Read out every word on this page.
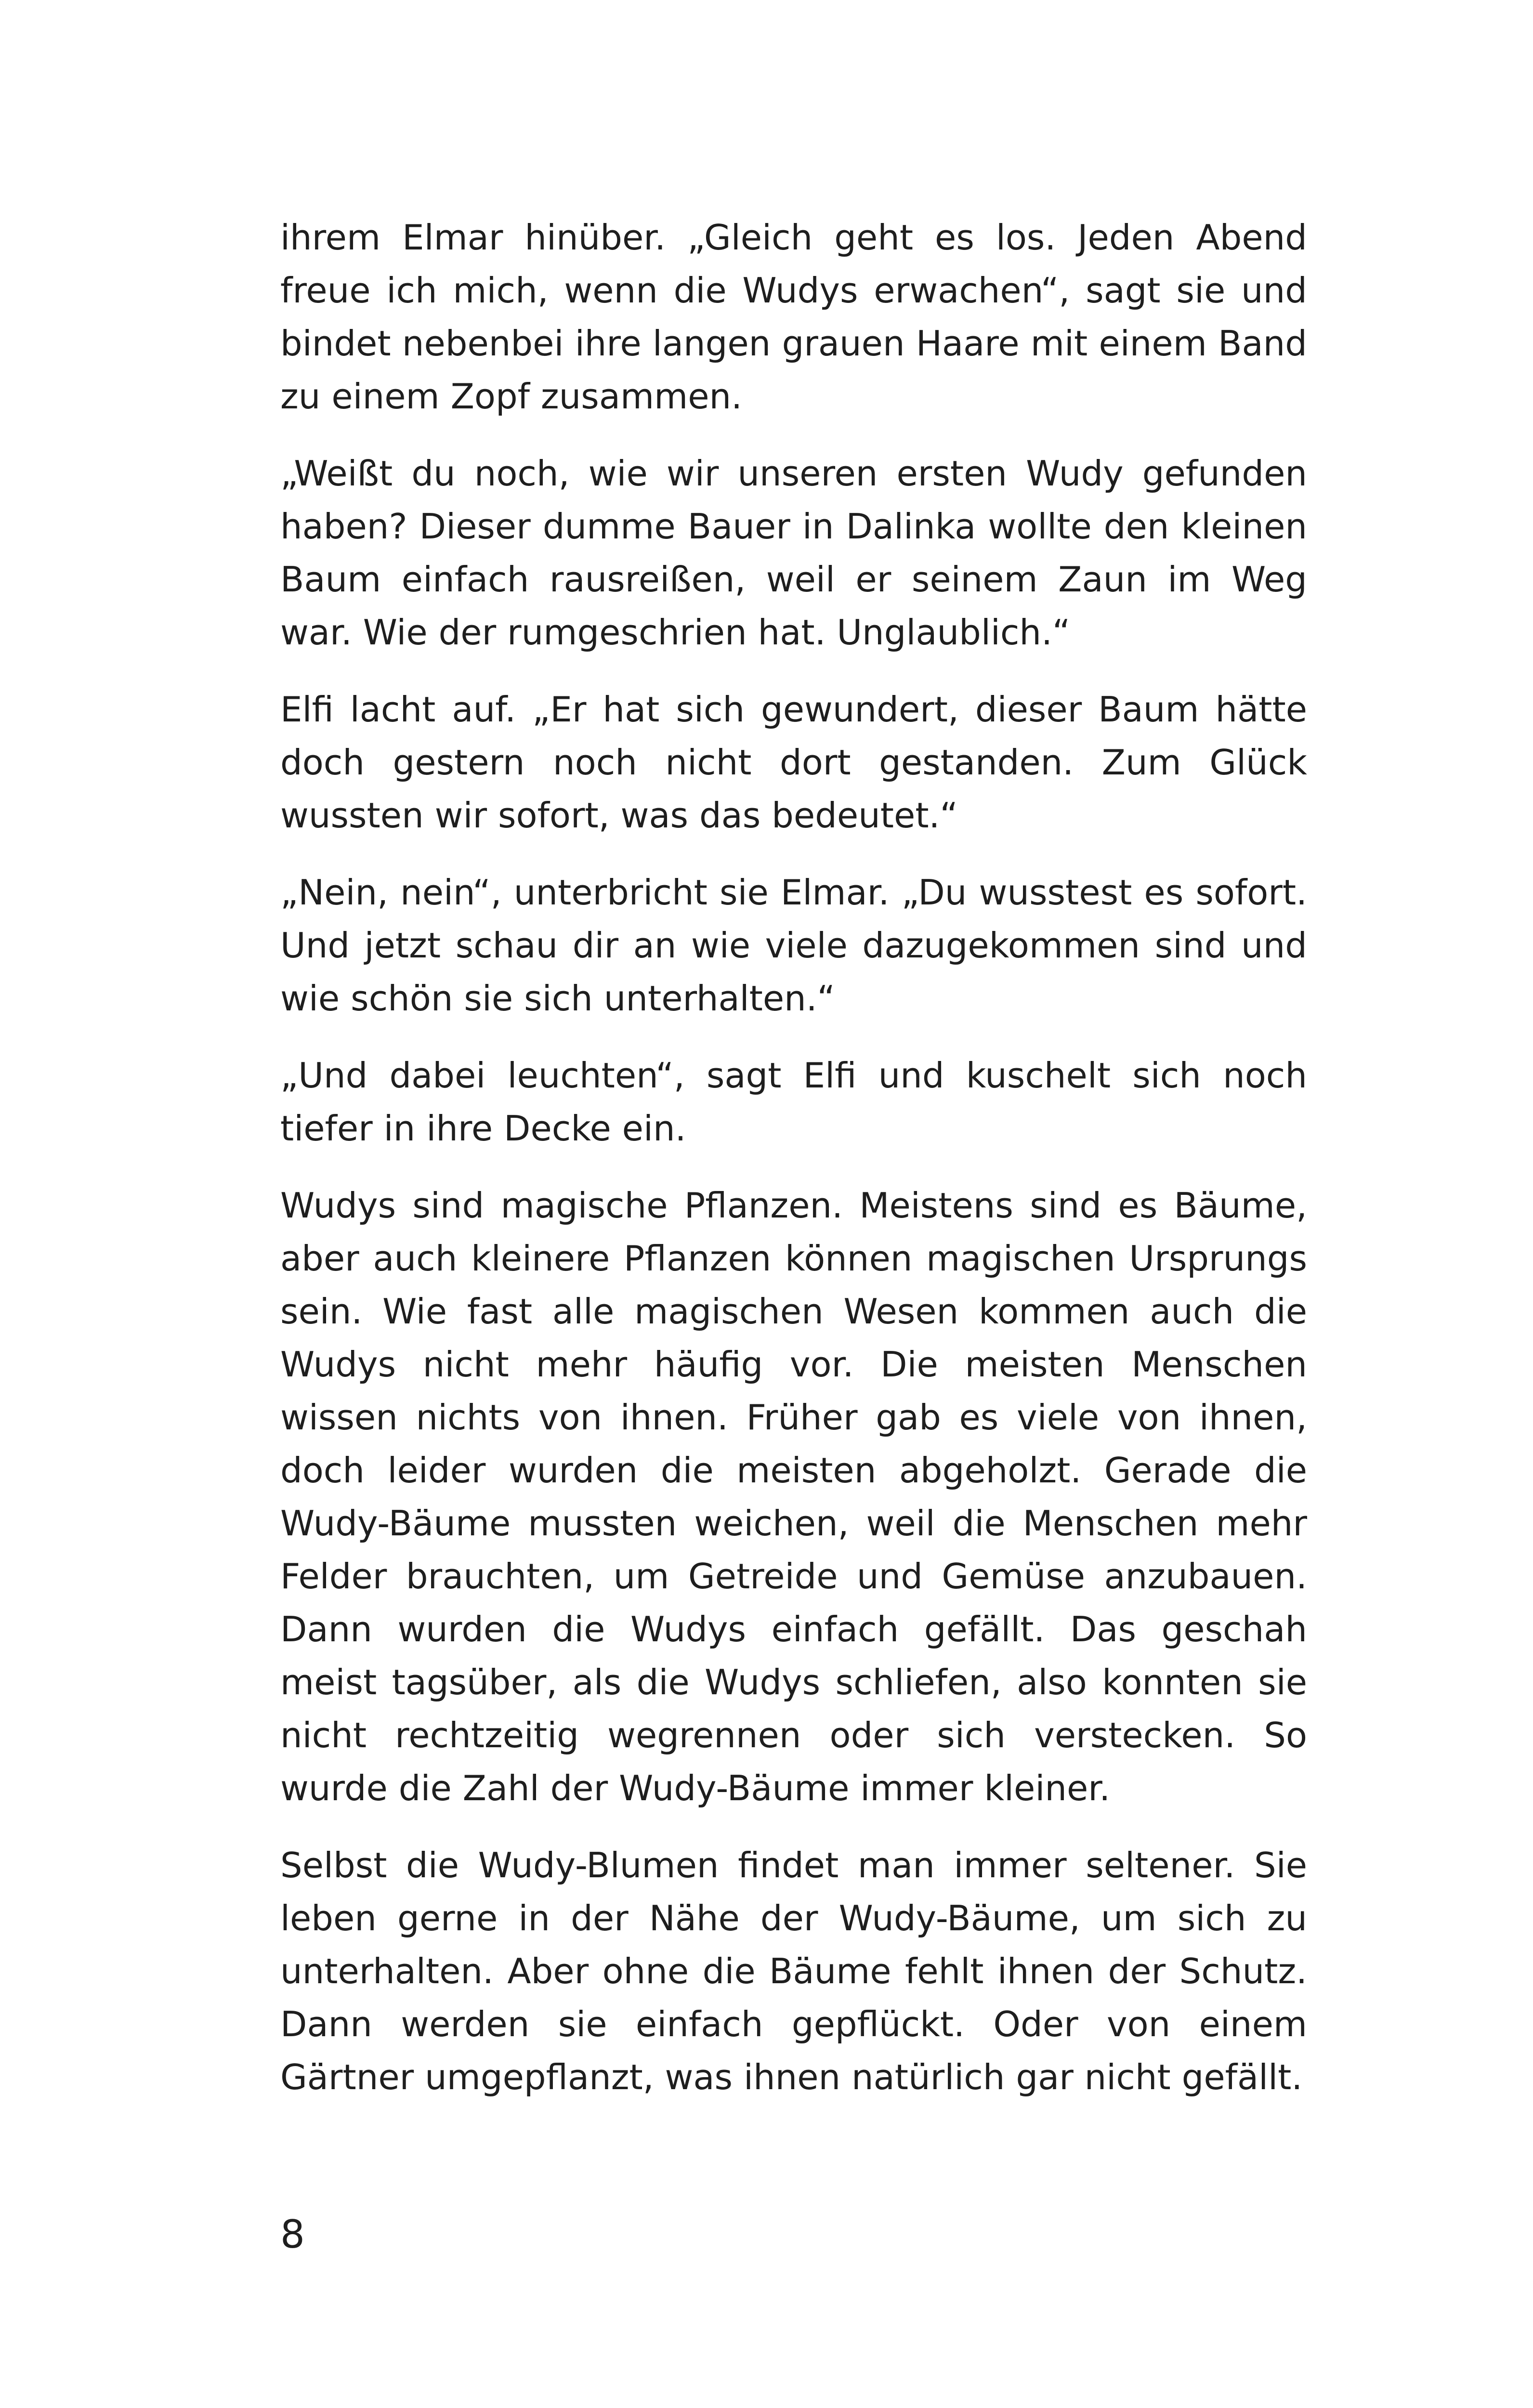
ihrem Elmar hinüber. „Gleich geht es los. Jeden Abend freue ich mich, wenn die Wudys erwachen“, sagt sie und bindet nebenbei ihre langen grauen Haare mit einem Band zu einem Zopf zusammen.

„Weißt du noch, wie wir unseren ersten Wudy gefunden haben? Dieser dumme Bauer in Dalinka wollte den kleinen Baum einfach rausreißen, weil er seinem Zaun im Weg war. Wie der rumgeschrien hat. Unglaublich.“

Elfi lacht auf. „Er hat sich gewundert, dieser Baum hätte doch gestern noch nicht dort gestanden. Zum Glück wussten wir sofort, was das bedeutet.“

„Nein, nein“, unterbricht sie Elmar. „Du wusstest es sofort. Und jetzt schau dir an wie viele dazugekommen sind und wie schön sie sich unterhalten.“

„Und dabei leuchten“, sagt Elfi und kuschelt sich noch tiefer in ihre Decke ein.

Wudys sind magische Pflanzen. Meistens sind es Bäume, aber auch kleinere Pflanzen können magischen Ursprungs sein. Wie fast alle magischen Wesen kommen auch die Wudys nicht mehr häufig vor. Die meisten Menschen wissen nichts von ihnen. Früher gab es viele von ihnen, doch leider wurden die meisten abgeholzt. Gerade die Wudy-Bäume mussten weichen, weil die Menschen mehr Felder brauchten, um Getreide und Gemüse anzubauen. Dann wurden die Wudys einfach gefällt. Das geschah meist tagsüber, als die Wudys schliefen, also konnten sie nicht rechtzeitig wegrennen oder sich verstecken. So wurde die Zahl der Wudy-Bäume immer kleiner.

Selbst die Wudy-Blumen findet man immer seltener. Sie leben gerne in der Nähe der Wudy-Bäume, um sich zu unterhalten. Aber ohne die Bäume fehlt ihnen der Schutz. Dann werden sie einfach gepflückt. Oder von einem Gärtner umgepflanzt, was ihnen natürlich gar nicht gefällt.

8
